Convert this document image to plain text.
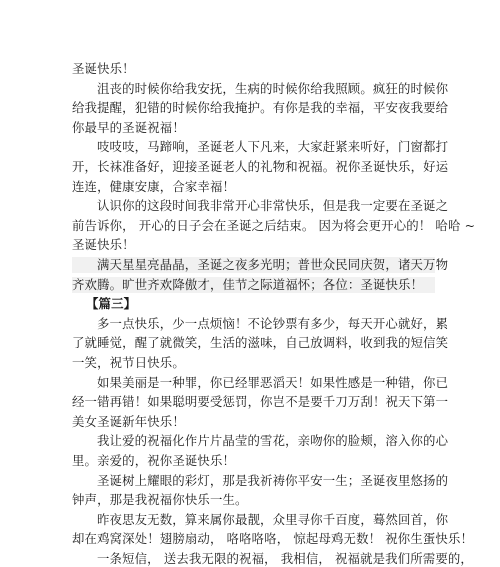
圣诞快乐！
沮丧的时候你给我安抚，生病的时候你给我照顾。疯狂的时候你
给我提醒，犯错的时候你给我掩护。有你是我的幸福，平安夜我要给
你最早的圣诞祝福！
吱吱吱，马蹄响，圣诞老人下凡来，大家赶紧来听好，门窗都打
开，长袜准备好，迎接圣诞老人的礼物和祝福。祝你圣诞快乐，好运
连连，健康安康，合家幸福！
认识你的这段时间我非常开心非常快乐，但是我一定要在圣诞之
前告诉你， 开心的日子会在圣诞之后结束。 因为将会更开心的！ 哈哈 ~
圣诞快乐！
满天星星亮晶晶，圣诞之夜多光明；普世众民同庆贺，诸天万物
齐欢腾。旷世齐欢降傲才，佳节之际道福怀；各位：圣诞快乐！
【篇三】
多一点快乐，少一点烦恼！不论钞票有多少，每天开心就好，累
了就睡觉，醒了就微笑，生活的滋味，自己放调料，收到我的短信笑
一笑，祝节日快乐。
如果美丽是一种罪，你已经罪恶滔天！如果性感是一种错，你已
经一错再错！如果聪明要受惩罚，你岂不是要千刀万刮！祝天下第一
美女圣诞新年快乐！
我让爱的祝福化作片片晶莹的雪花，亲吻你的脸颊，溶入你的心
里。亲爱的，祝你圣诞快乐！
圣诞树上耀眼的彩灯，那是我祈祷你平安一生；圣诞夜里悠扬的
钟声，那是我祝福你快乐一生。
昨夜思友无数，算来属你最靓，众里寻你千百度，蓦然回首，你
却在鸡窝深处！翅膀扇动， 咯咯咯咯， 惊起母鸡无数！ 祝你生蛋快乐！
一条短信， 送去我无限的祝福， 我相信， 祝福就是我们所需要的，
